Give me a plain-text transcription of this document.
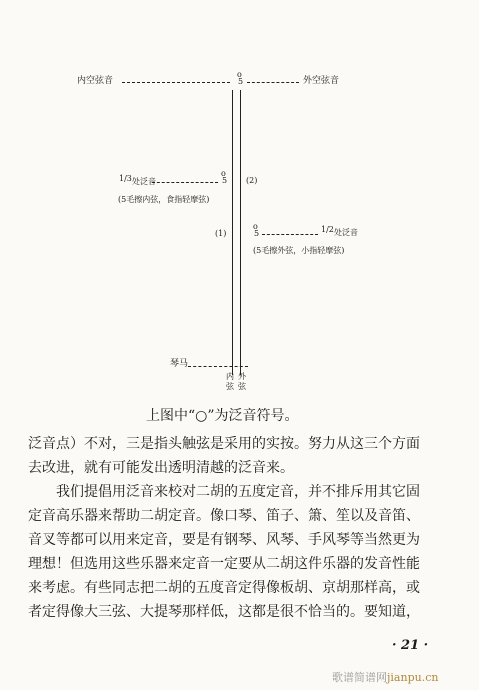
内空弦音
o
5	外空弦音
1/3 处泛音
o
5 (2)
(5毛擦内弦，食指轻摩弦)
(1)
o
5	1/2 处泛音
(5毛擦外弦，小指轻摩弦)
琴马
内弦
外弦
上图中“○”为泛音符号。

泛音点）不对，三是指头触弦是采用的实按。努力从这三个方面

去改进，就有可能发出透明清越的泛音来。

　　我们提倡用泛音来校对二胡的五度定音，并不排斥用其它固

定音高乐器来帮助二胡定音。像口琴、笛子、箫、笙以及音笛、

音叉等都可以用来定音，要是有钢琴、风琴、手风琴等当然更为

理想！但选用这些乐器来定音一定要从二胡这件乐器的发音性能

来考虑。有些同志把二胡的五度音定得像板胡、京胡那样高，或

者定得像大三弦、大提琴那样低，这都是很不恰当的。要知道，

· 21 ·
歌谱简谱网jianpu.cn
